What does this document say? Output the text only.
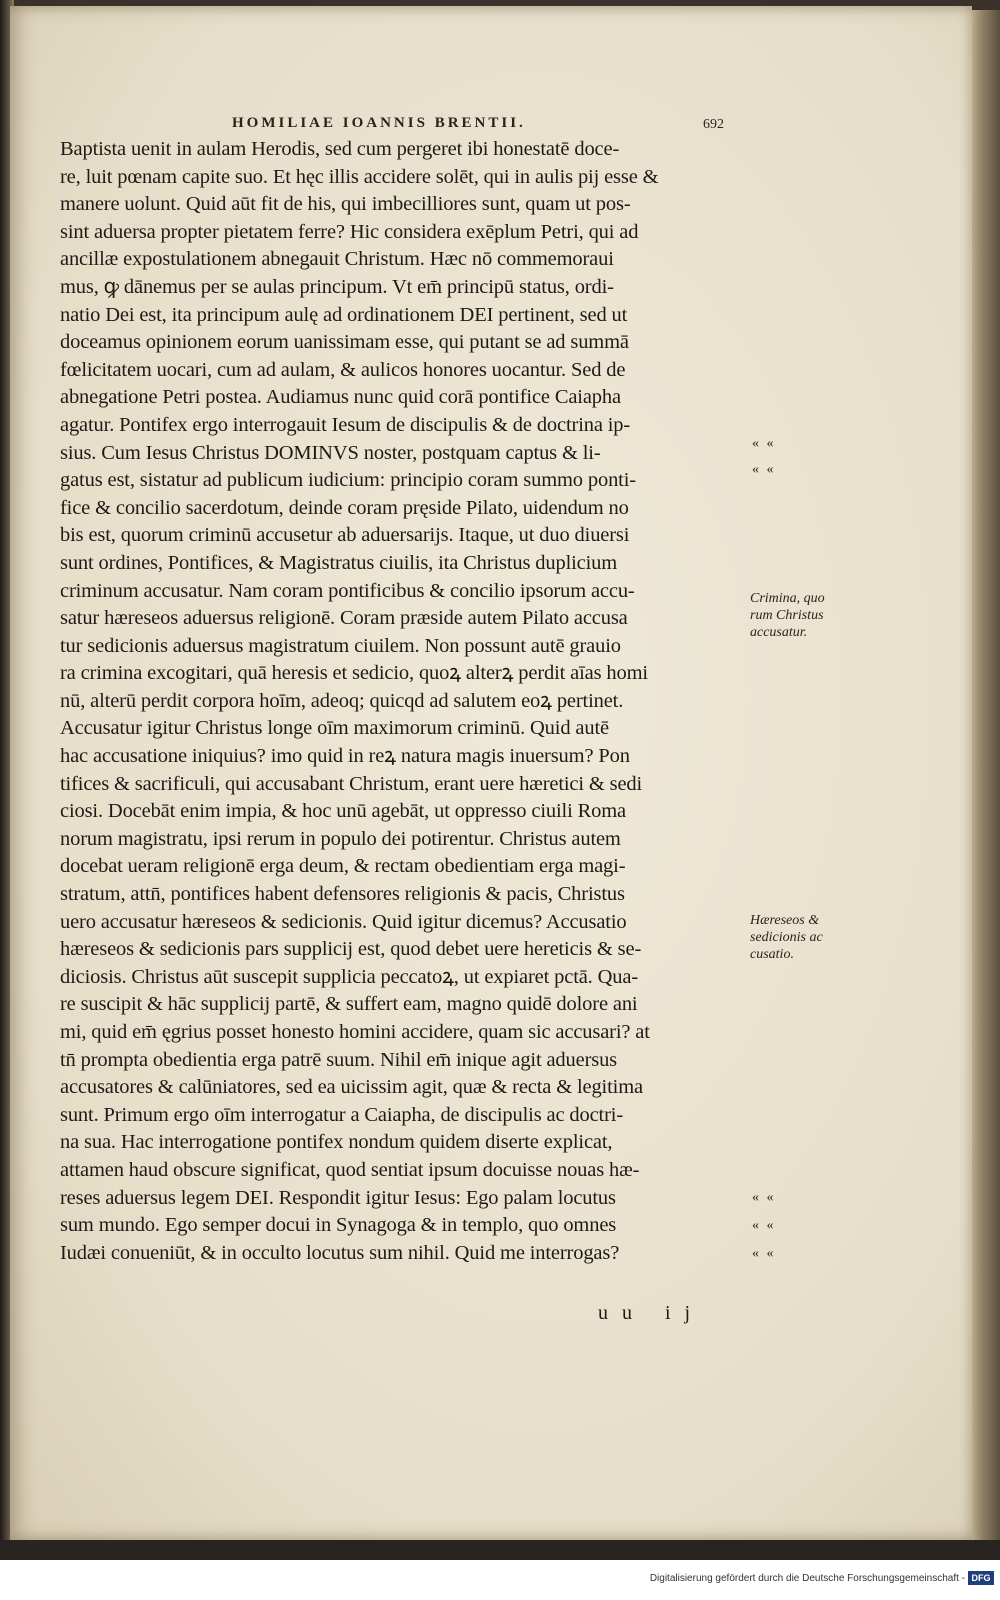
HOMILIAE IOANNIS BRENTII.	692
Baptista uenit in aulam Herodis, sed cum pergeret ibi honestatē doce-
re, luit pœnam capite suo. Et hęc illis accidere solēt, qui in aulis pij esse &
manere uolunt. Quid aūt fit de his, qui imbecilliores sunt, quam ut pos-
sint aduersa propter pietatem ferre? Hic considera exēplum Petri, qui ad
ancillæ expostulationem abnegauit Christum. Hæc nō commemoraui
mus, ꝙ dānemus per se aulas principum. Vt em̄ principū status, ordi-
natio Dei est, ita principum aulę ad ordinationem DEI pertinent, sed ut
doceamus opinionem eorum uanissimam esse, qui putant se ad summā
fœlicitatem uocari, cum ad aulam, & aulicos honores uocantur. Sed de
abnegatione Petri postea. Audiamus nunc quid corā pontifice Caiapha
agatur. Pontifex ergo interrogauit Iesum de discipulis & de doctrina ip-
sius. Cum Iesus Christus DOMINVS noster, postquam captus & li-
gatus est, sistatur ad publicum iudicium: principio coram summo ponti-
fice & concilio sacerdotum, deinde coram pręside Pilato, uidendum no
bis est, quorum criminū accusetur ab aduersarijs. Itaque, ut duo diuersi
sunt ordines, Pontifices, & Magistratus ciuilis, ita Christus duplicium
criminum accusatur. Nam coram pontificibus & concilio ipsorum accu-
satur hæreseos aduersus religionē. Coram præside autem Pilato accusa
tur sedicionis aduersus magistratum ciuilem. Non possunt autē grauio
ra crimina excogitari, quā heresis et sedicio, quoꝝ alterꝝ perdit aīas homi
nū, alterū perdit corpora hoīm, adeoq; quicqd ad salutem eoꝝ pertinet.
Accusatur igitur Christus longe oīm maximorum criminū. Quid autē
hac accusatione iniquius? imo quid in reꝝ natura magis inuersum? Pon
tifices & sacrificuli, qui accusabant Christum, erant uere hæretici & sedi
ciosi. Docebāt enim impia, & hoc unū agebāt, ut oppresso ciuili Roma
norum magistratu, ipsi rerum in populo dei potirentur. Christus autem
docebat ueram religionē erga deum, & rectam obedientiam erga magi-
stratum, attn̄, pontifices habent defensores religionis & pacis, Christus
uero accusatur hæreseos & sedicionis. Quid igitur dicemus? Accusatio
hæreseos & sedicionis pars supplicij est, quod debet uere hereticis & se-
diciosis. Christus aūt suscepit supplicia peccatoꝝ, ut expiaret pctā. Qua-
re suscipit & hāc supplicij partē, & suffert eam, magno quidē dolore ani
mi, quid em̄ ęgrius posset honesto homini accidere, quam sic accusari? at
tn̄ prompta obedientia erga patrē suum. Nihil em̄ inique agit aduersus
accusatores & calūniatores, sed ea uicissim agit, quæ & recta & legitima
sunt. Primum ergo oīm interrogatur a Caiapha, de discipulis ac doctri-
na sua. Hac interrogatione pontifex nondum quidem diserte explicat,
attamen haud obscure significat, quod sentiat ipsum docuisse nouas hæ-
reses aduersus legem DEI. Respondit igitur Iesus: Ego palam locutus
sum mundo. Ego semper docui in Synagoga & in templo, quo omnes
Iudæi conueniūt, & in occulto locutus sum nihil. Quid me interrogas?
« «
« «
« «
« «
« «
Crimina, quo
rum Christus
accusatur.
Hæreseos &
sedicionis ac
cusatio.
uu ij
Digitalisierung gefördert durch die Deutsche Forschungsgemeinschaft - DFG
